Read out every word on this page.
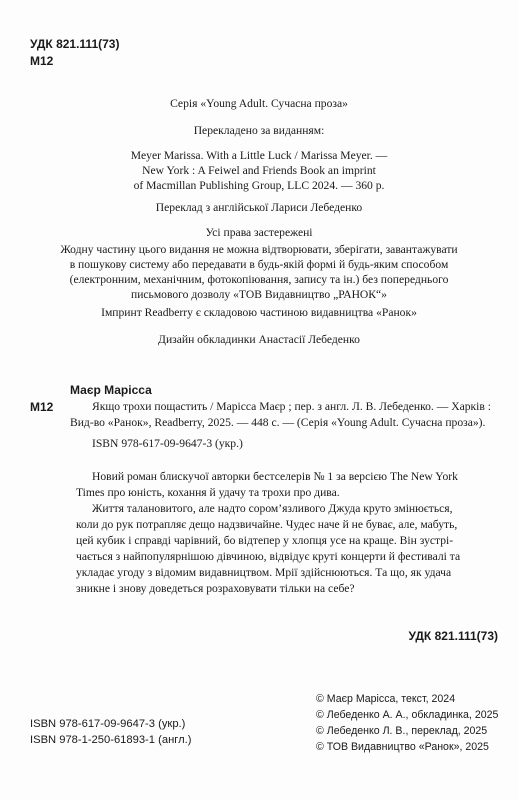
УДК 821.111(73)
М12
Серія «Young Adult. Сучасна проза»
Перекладено за виданням:
Meyer Marissa. With a Little Luck / Marissa Meyer. —
New York : A Feiwel and Friends Book an imprint
of Macmillan Publishing Group, LLC 2024. — 360 p.
Переклад з англійської Лариси Лебеденко
Усі права застережені
Жодну частину цього видання не можна відтворювати, зберігати, завантажувати
в пошукову систему або передавати в будь-якій формі й будь-яким способом
(електронним, механічним, фотокопіювання, запису та ін.) без попереднього
письмового дозволу «ТОВ Видавництво „РАНОК“»
Імпринт Readberry є складовою частиною видавництва «Ранок»
Дизайн обкладинки Анастасії Лебеденко
Маєр Марісса
М12	Якщо трохи пощастить / Марісса Маєр ; пер. з англ. Л. В. Лебеденко. — Харків :
Вид-во «Ранок», Readberry, 2025. — 448 с. — (Серія «Young Adult. Сучасна проза»).
ISBN 978-617-09-9647-3 (укр.)
Новий роман блискучої авторки бестселерів № 1 за версією The New York
Times про юність, кохання й удачу та трохи про дива.
Життя талановитого, але надто сором’язливого Джуда круто змінюється,
коли до рук потрапляє дещо надзвичайне. Чудес наче й не буває, але, мабуть,
цей кубик і справді чарівний, бо відтепер у хлопця усе на краще. Він зустрі-
чається з найпопулярнішою дівчиною, відвідує круті концерти й фестивалі та
укладає угоду з відомим видавництвом. Мрії здійснюються. Та що, як удача
зникне і знову доведеться розраховувати тільки на себе?
УДК 821.111(73)
ISBN 978-617-09-9647-3 (укр.)
ISBN 978-1-250-61893-1 (англ.)
© Маєр Марісса, текст, 2024
© Лебеденко А. А., обкладинка, 2025
© Лебеденко Л. В., переклад, 2025
© ТОВ Видавництво «Ранок», 2025
